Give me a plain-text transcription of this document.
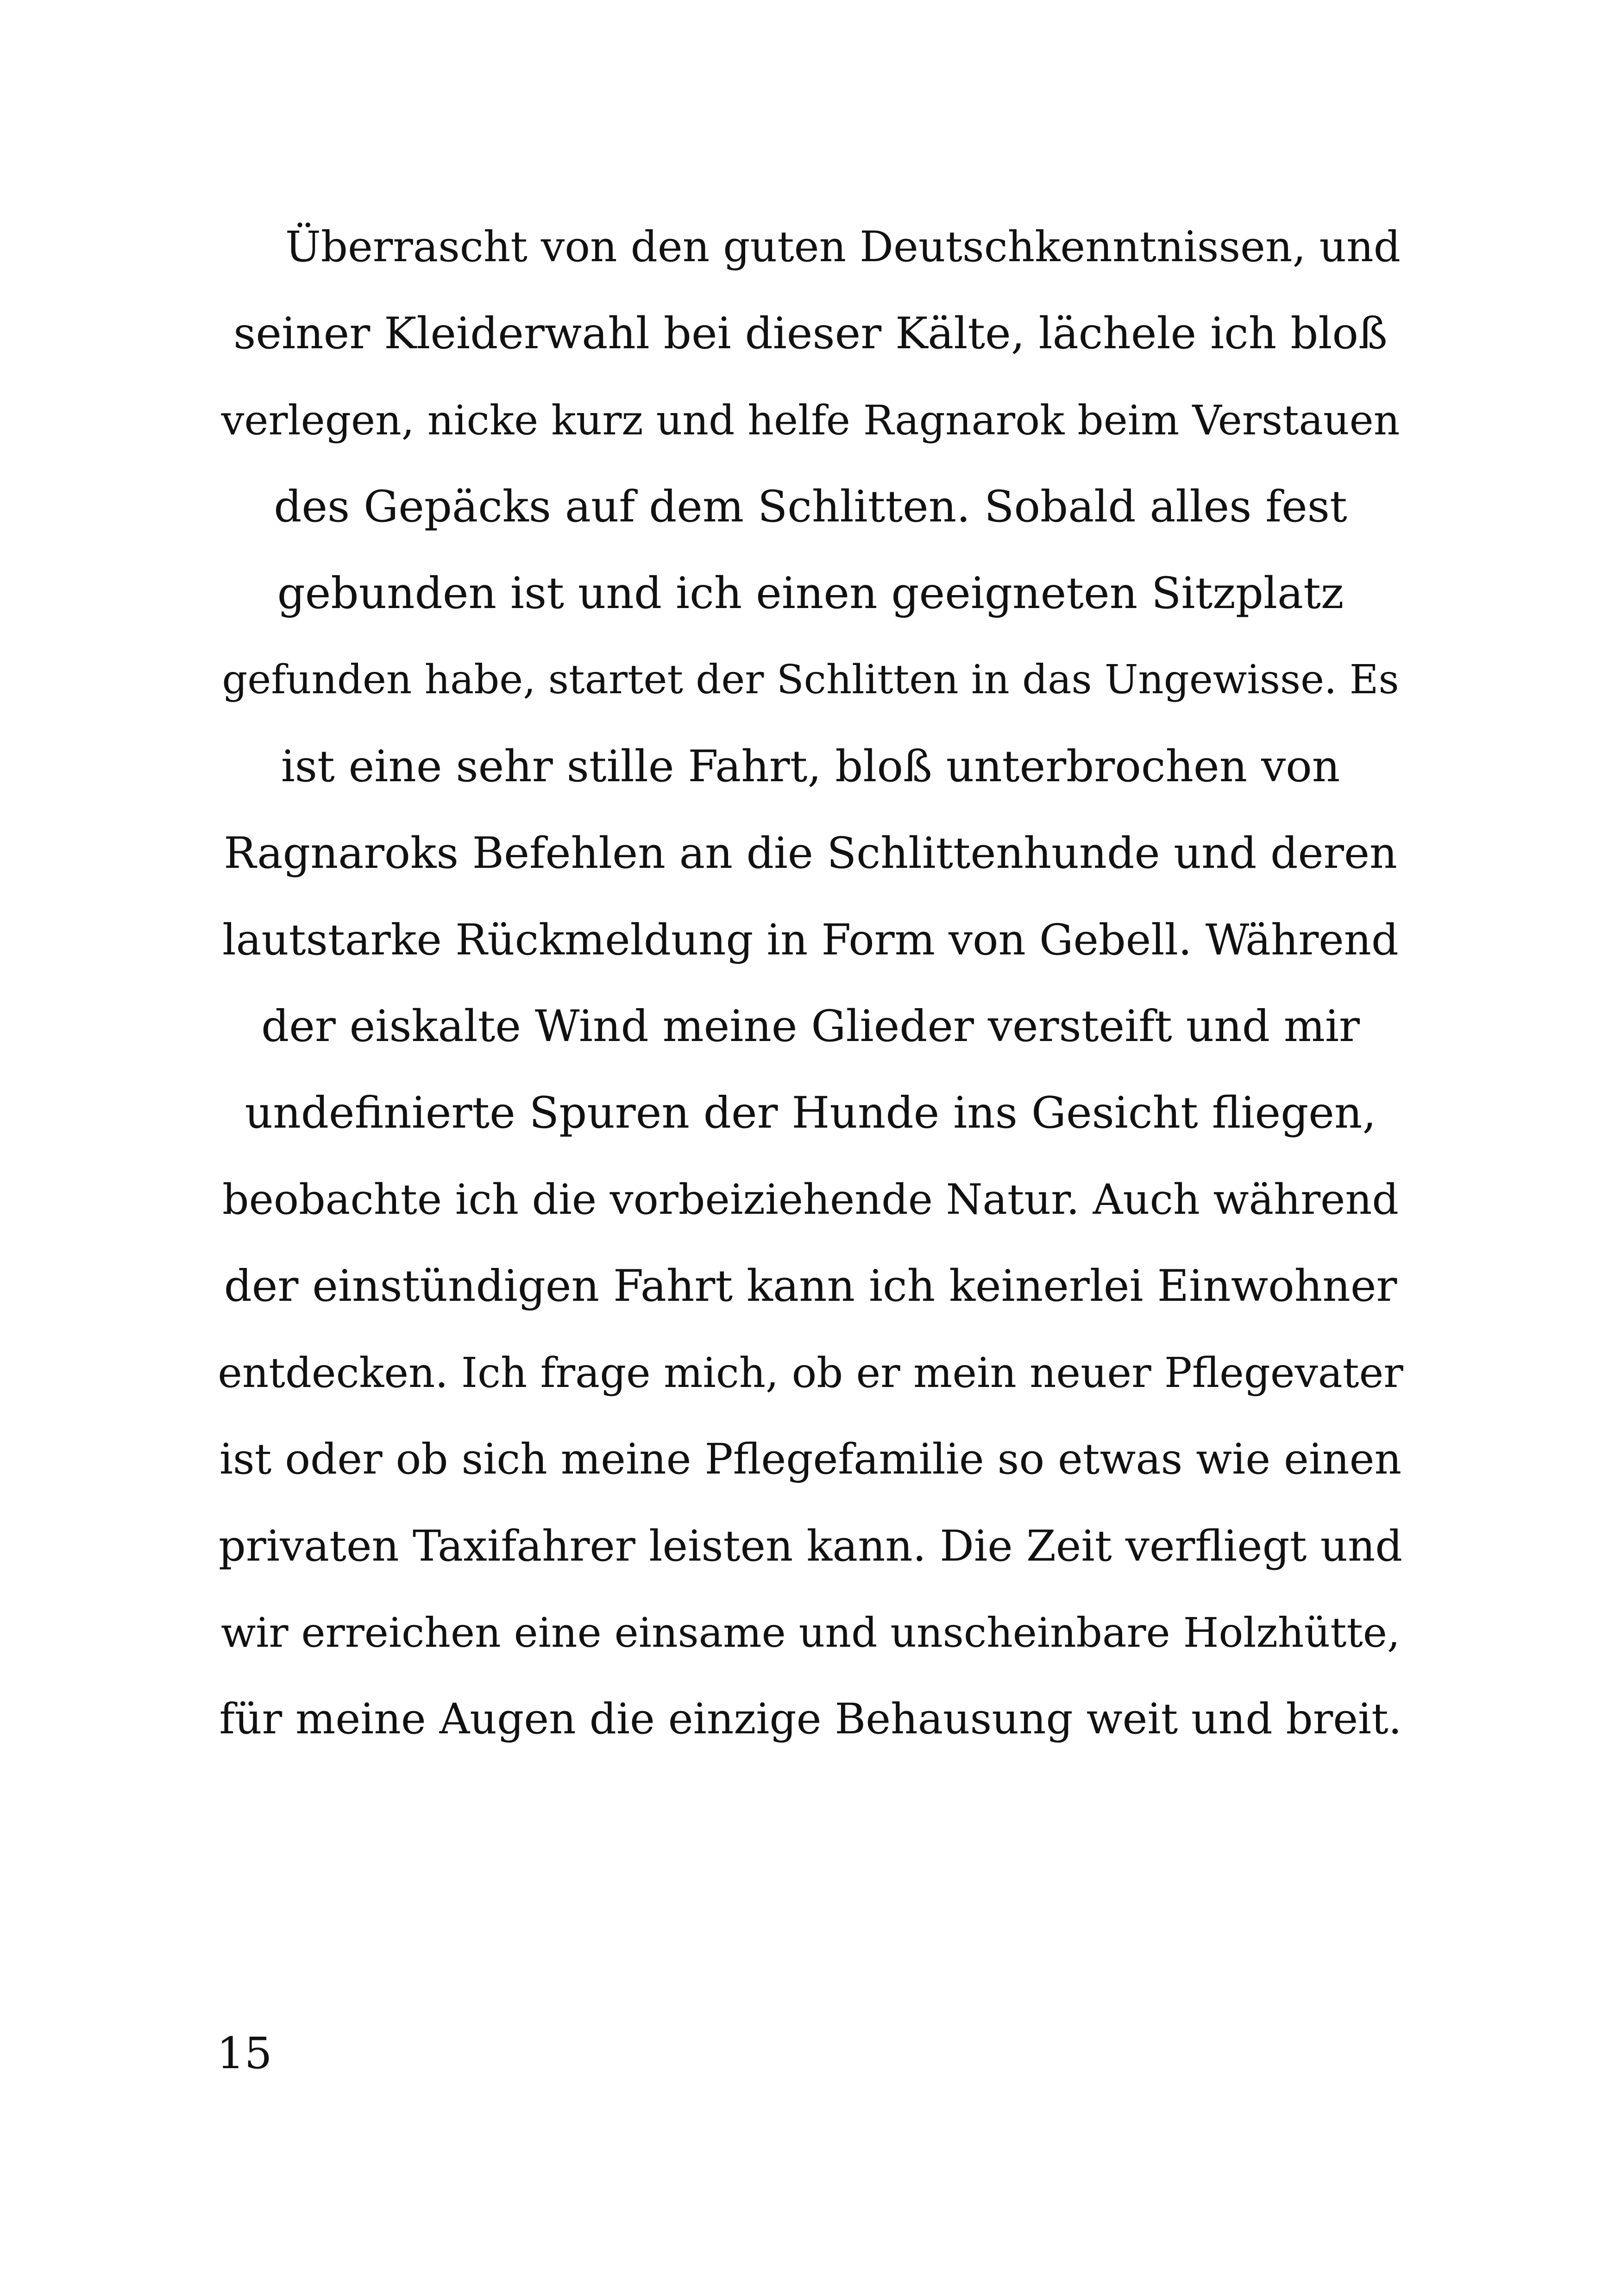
Überrascht von den guten Deutschkenntnissen, und
seiner Kleiderwahl bei dieser Kälte, lächele ich bloß
verlegen, nicke kurz und helfe Ragnarok beim Verstauen
des Gepäcks auf dem Schlitten. Sobald alles fest
gebunden ist und ich einen geeigneten Sitzplatz
gefunden habe, startet der Schlitten in das Ungewisse. Es
ist eine sehr stille Fahrt, bloß unterbrochen von
Ragnaroks Befehlen an die Schlittenhunde und deren
lautstarke Rückmeldung in Form von Gebell. Während
der eiskalte Wind meine Glieder versteift und mir
undefinierte Spuren der Hunde ins Gesicht fliegen,
beobachte ich die vorbeiziehende Natur. Auch während
der einstündigen Fahrt kann ich keinerlei Einwohner
entdecken. Ich frage mich, ob er mein neuer Pflegevater
ist oder ob sich meine Pflegefamilie so etwas wie einen
privaten Taxifahrer leisten kann. Die Zeit verfliegt und
wir erreichen eine einsame und unscheinbare Holzhütte,
für meine Augen die einzige Behausung weit und breit.
15
